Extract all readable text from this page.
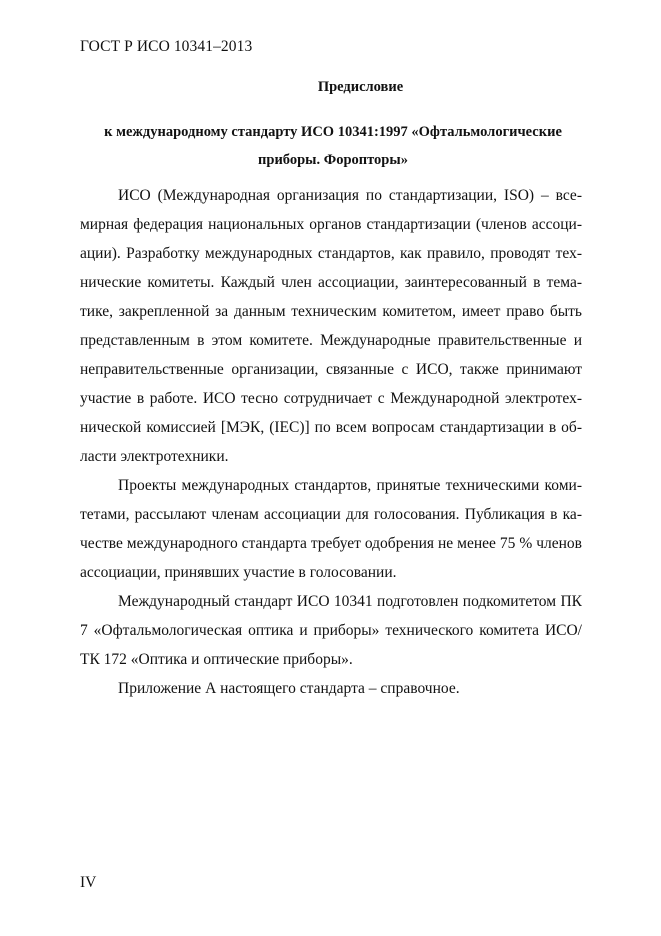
ГОСТ Р ИСО 10341–2013
Предисловие
к международному стандарту ИСО 10341:1997 «Офтальмологические приборы. Форопторы»

ИСО (Международная организация по стандартизации, ISO) – всемирная федерация национальных органов стандартизации (членов ассоциации). Разработку международных стандартов, как правило, проводят технические комитеты. Каждый член ассоциации, заинтересованный в тематике, закрепленной за данным техническим комитетом, имеет право быть представленным в этом комитете. Международные правительственные и неправительственные организации, связанные с ИСО, также принимают участие в работе. ИСО тесно сотрудничает с Международной электротехнической комиссией [МЭК, (IEC)] по всем вопросам стандартизации в области электротехники.

Проекты международных стандартов, принятые техническими комитетами, рассылают членам ассоциации для голосования. Публикация в качестве международного стандарта требует одобрения не менее 75 % членов ассоциации, принявших участие в голосовании.

Международный стандарт ИСО 10341 подготовлен подкомитетом ПК 7 «Офтальмологическая оптика и приборы» технического комитета ИСО/ТК 172 «Оптика и оптические приборы».

Приложение А настоящего стандарта – справочное.

IV
